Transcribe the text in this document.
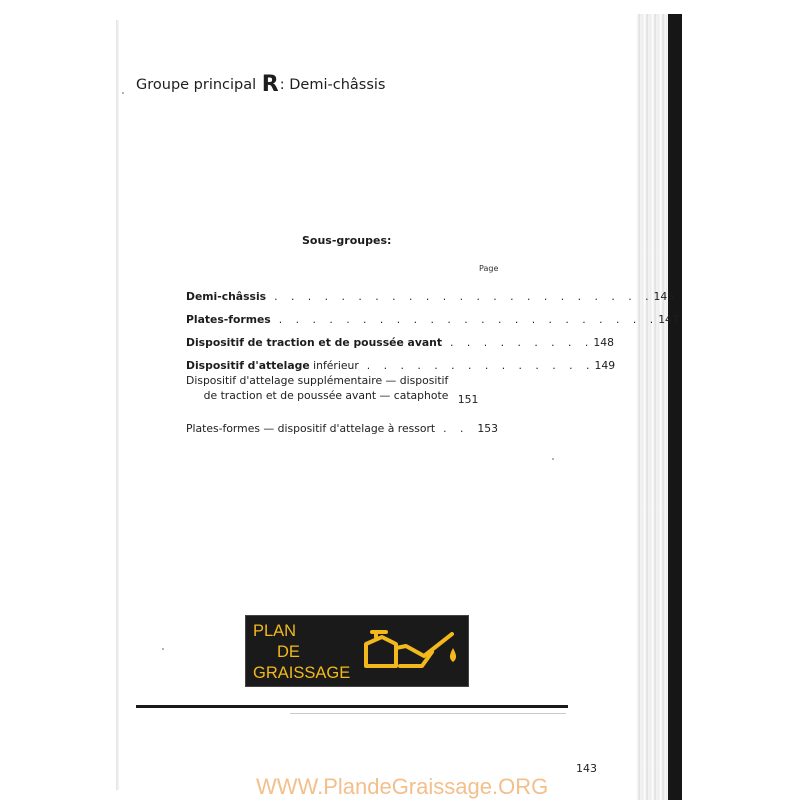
Groupe principal R: Demi-châssis
Sous-groupes:
Page
Demi-châssis . . . . . . . . . . . . . . . . . . . . . . . 145
Plates-formes . . . . . . . . . . . . . . . . . . . . . . . 147
Dispositif de traction et de poussée avant . . . . . . . . . 148
Dispositif d'attelage inférieur . . . . . . . . . . . . . . 149
Dispositif d'attelage supplémentaire — dispositif
de traction et de poussée avant — cataphote 151
Plates-formes — dispositif d'attelage à ressort . . 153
PLAN
DE
GRAISSAGE
143
WWW.PlandeGraissage.ORG
